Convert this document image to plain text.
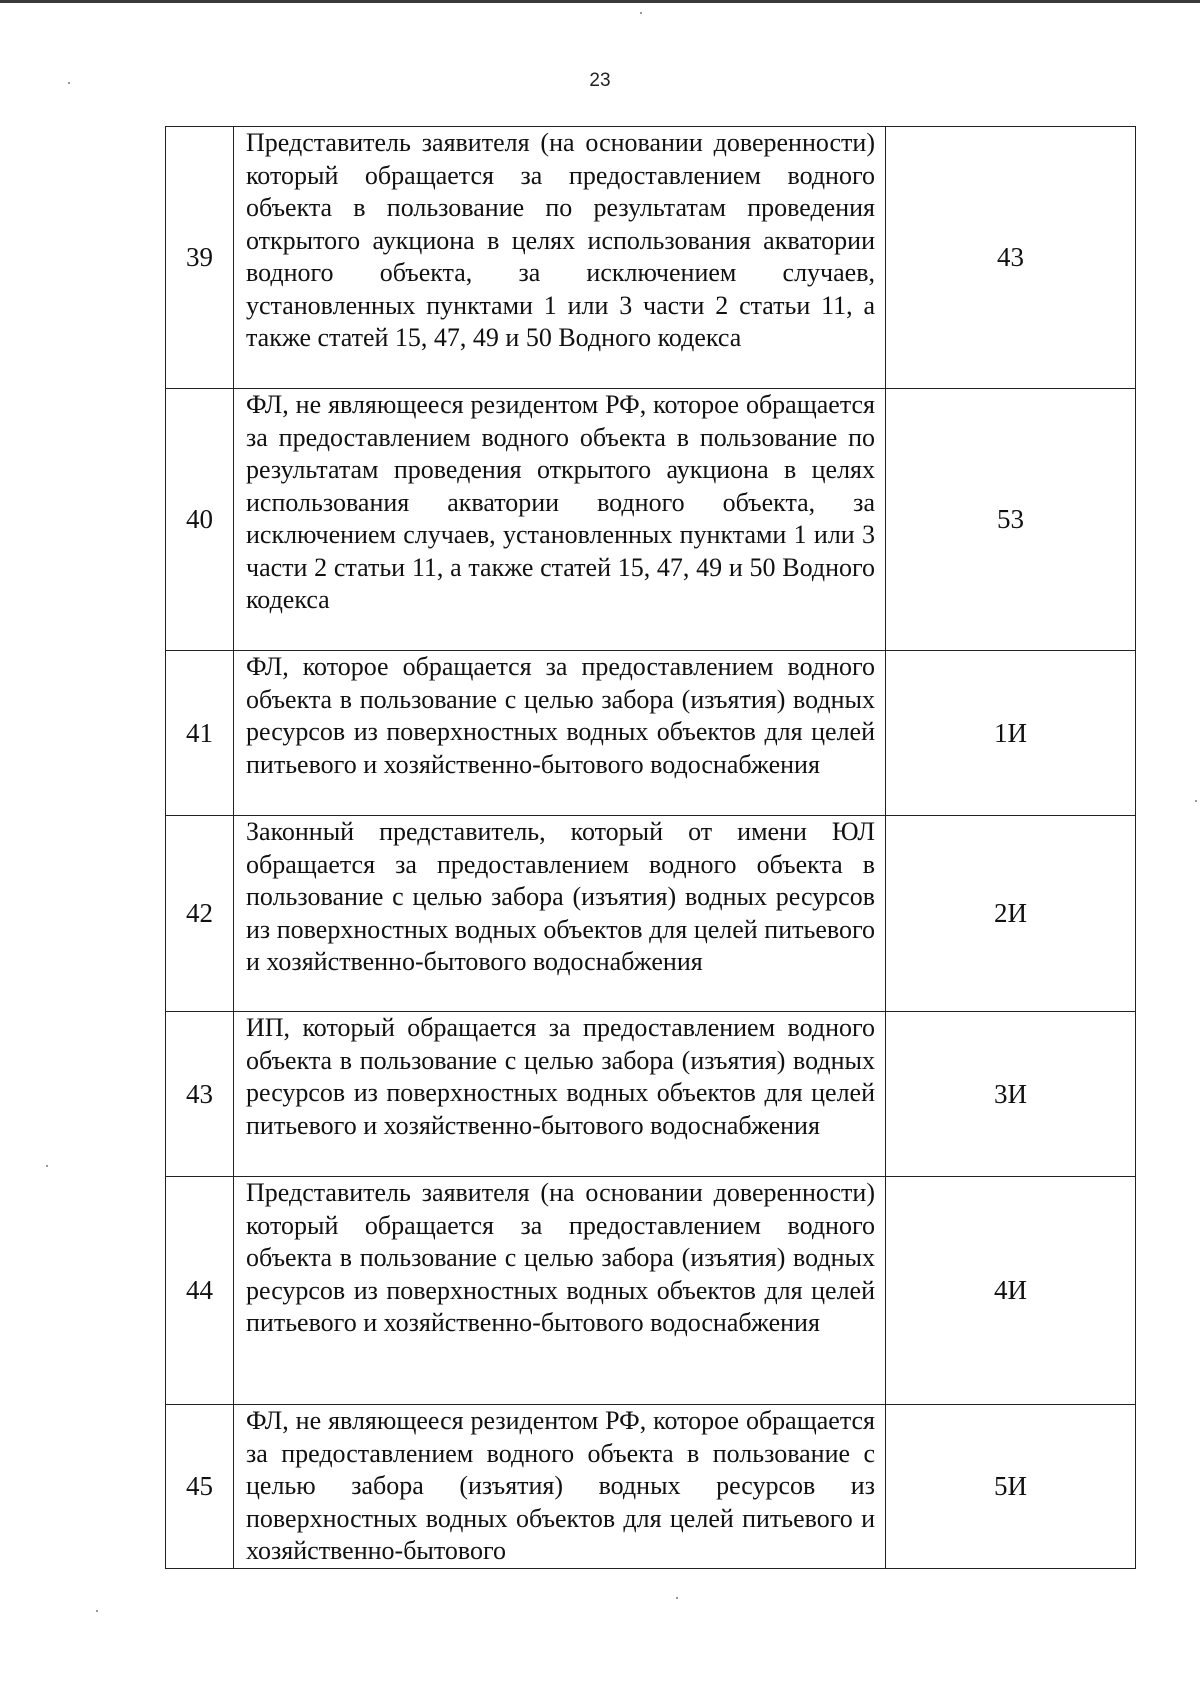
23
39	Представитель заявителя (на основании доверенности) который обращается за предоставлением водного объекта в пользование по результатам проведения открытого аукциона в целях использования акватории водного объекта, за исключением случаев, установленных пунктами 1 или 3 части 2 статьи 11, а также статей 15, 47, 49 и 50 Водного кодекса	43
40	ФЛ, не являющееся резидентом РФ, которое обращается за предоставлением водного объекта в пользование по результатам проведения открытого аукциона в целях использования акватории водного объекта, за исключением случаев, установленных пунктами 1 или 3 части 2 статьи 11, а также статей 15, 47, 49 и 50 Водного кодекса	53
41	ФЛ, которое обращается за предоставлением водного объекта в пользование с целью забора (изъятия) водных ресурсов из поверхностных водных объектов для целей питьевого и хозяйственно-бытового водоснабжения	1И
42	Законный представитель, который от имени ЮЛ обращается за предоставлением водного объекта в пользование с целью забора (изъятия) водных ресурсов из поверхностных водных объектов для целей питьевого и хозяйственно-бытового водоснабжения	2И
43	ИП, который обращается за предоставлением водного объекта в пользование с целью забора (изъятия) водных ресурсов из поверхностных водных объектов для целей питьевого и хозяйственно-бытового водоснабжения	3И
44	Представитель заявителя (на основании доверенности) который обращается за предоставлением водного объекта в пользование с целью забора (изъятия) водных ресурсов из поверхностных водных объектов для целей питьевого и хозяйственно-бытового водоснабжения	4И
45	ФЛ, не являющееся резидентом РФ, которое обращается за предоставлением водного объекта в пользование с целью забора (изъятия) водных ресурсов из поверхностных водных объектов для целей питьевого и хозяйственно-бытового	5И
